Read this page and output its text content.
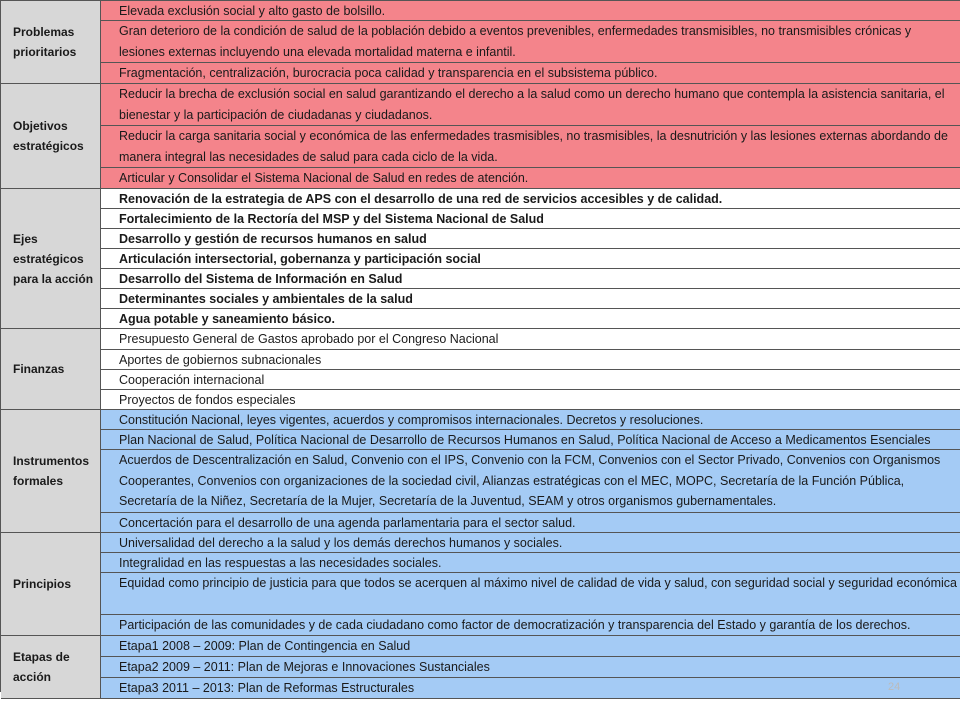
Problemas prioritarios
Elevada exclusión social y alto gasto de bolsillo.
Gran deterioro de la condición de salud de la población debido a eventos prevenibles, enfermedades transmisibles, no transmisibles crónicas y lesiones externas incluyendo una elevada mortalidad materna e infantil.
Fragmentación, centralización, burocracia poca calidad y transparencia en el subsistema público.
Objetivos estratégicos
Reducir la brecha de exclusión social en salud garantizando el derecho a la salud como un derecho humano que contempla la asistencia sanitaria, el bienestar y la participación de ciudadanas y ciudadanos.
Reducir la carga sanitaria social y económica de las enfermedades trasmisibles, no trasmisibles, la desnutrición y las lesiones externas abordando de manera integral las necesidades de salud para cada ciclo de la vida.
Articular y Consolidar el Sistema Nacional de Salud en redes de atención.
Ejes estratégicos para la acción
Renovación de la estrategia de APS con el desarrollo de una red de servicios accesibles y de calidad.
Fortalecimiento de la Rectoría del MSP y del Sistema Nacional de Salud
Desarrollo y gestión de recursos humanos en salud
Articulación intersectorial, gobernanza y participación social
Desarrollo del Sistema de Información en Salud
Determinantes sociales y ambientales de la salud
Agua potable y saneamiento básico.
Finanzas
Presupuesto General de Gastos aprobado por el Congreso Nacional
Aportes de gobiernos subnacionales
Cooperación internacional
Proyectos de fondos especiales
Instrumentos formales
Constitución Nacional, leyes vigentes, acuerdos y compromisos internacionales. Decretos y resoluciones.
Plan Nacional de Salud, Política Nacional de Desarrollo de Recursos Humanos en Salud, Política Nacional de Acceso a Medicamentos Esenciales
Acuerdos de Descentralización en Salud, Convenio con el IPS, Convenio con la FCM, Convenios con el Sector Privado, Convenios con Organismos Cooperantes, Convenios con organizaciones de la sociedad civil, Alianzas estratégicas con el MEC, MOPC, Secretaría de la Función Pública, Secretaría de la Niñez, Secretaría de la Mujer, Secretaría de la Juventud, SEAM y otros organismos gubernamentales.
Concertación para el desarrollo de una agenda parlamentaria para el sector salud.
Principios
Universalidad del derecho a la salud y los demás derechos humanos y sociales.
Integralidad en las respuestas a las necesidades sociales.
Equidad como principio de justicia para que todos se acerquen al máximo nivel de calidad de vida y salud, con seguridad social y seguridad económica
Participación de las comunidades y de cada ciudadano como factor de democratización y transparencia del Estado y garantía de los derechos.
Etapas de acción
Etapa1 2008 – 2009: Plan de Contingencia en Salud
Etapa2 2009 – 2011: Plan de Mejoras e Innovaciones Sustanciales
Etapa3 2011 – 2013: Plan de Reformas Estructurales	24
